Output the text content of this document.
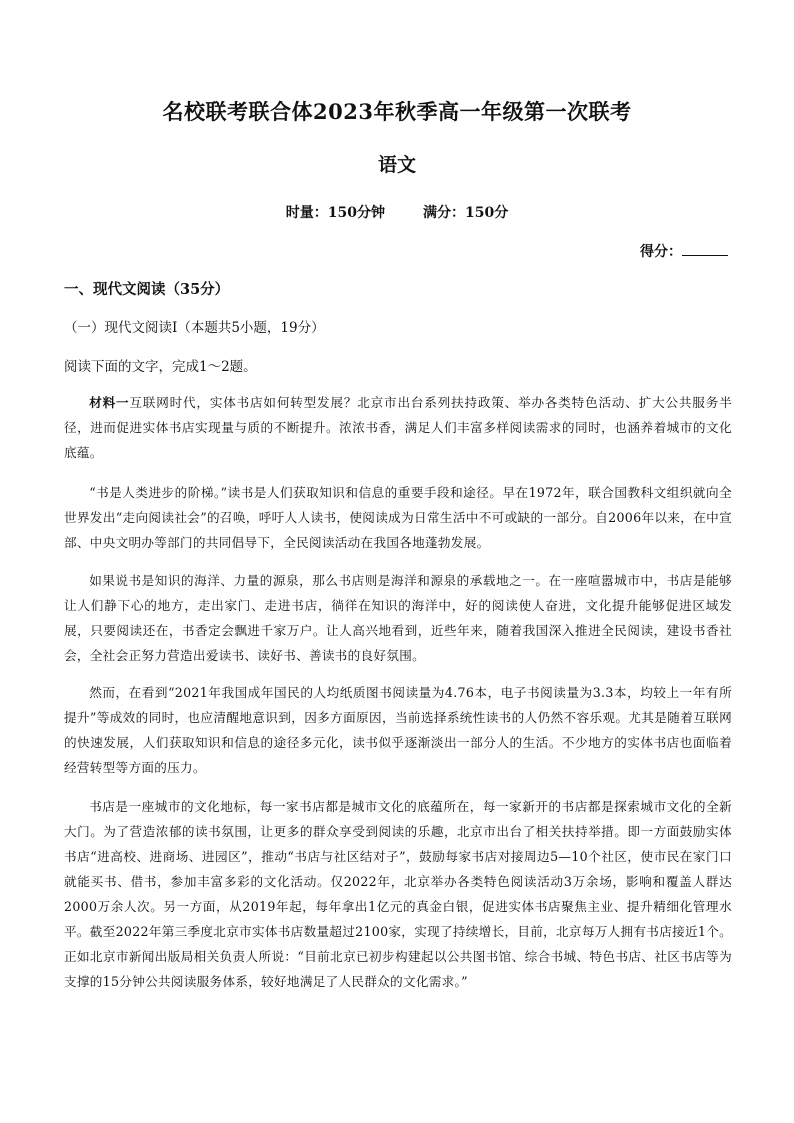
名校联考联合体2023年秋季高一年级第一次联考
语文
时量：150分钟	满分：150分
得分：
一、现代文阅读（35分）
（一）现代文阅读Ⅰ（本题共5小题，19分）
阅读下面的文字，完成1～2题。

材料一互联网时代，实体书店如何转型发展？北京市出台系列扶持政策、举办各类特色活动、扩大公共服务半径，进而促进实体书店实现量与质的不断提升。浓浓书香，满足人们丰富多样阅读需求的同时，也涵养着城市的文化底蕴。

“书是人类进步的阶梯。”读书是人们获取知识和信息的重要手段和途径。早在1972年，联合国教科文组织就向全世界发出“走向阅读社会”的召唤，呼吁人人读书，使阅读成为日常生活中不可或缺的一部分。自2006年以来，在中宣部、中央文明办等部门的共同倡导下，全民阅读活动在我国各地蓬勃发展。

如果说书是知识的海洋、力量的源泉，那么书店则是海洋和源泉的承载地之一。在一座喧嚣城市中，书店是能够让人们静下心的地方，走出家门、走进书店，徜徉在知识的海洋中，好的阅读使人奋进，文化提升能够促进区域发展，只要阅读还在，书香定会飘进千家万户。让人高兴地看到，近些年来，随着我国深入推进全民阅读，建设书香社会，全社会正努力营造出爱读书、读好书、善读书的良好氛围。

然而，在看到“2021年我国成年国民的人均纸质图书阅读量为4.76本，电子书阅读量为3.3本，均较上一年有所提升”等成效的同时，也应清醒地意识到，因多方面原因，当前选择系统性读书的人仍然不容乐观。尤其是随着互联网的快速发展，人们获取知识和信息的途径多元化，读书似乎逐渐淡出一部分人的生活。不少地方的实体书店也面临着经营转型等方面的压力。

书店是一座城市的文化地标，每一家书店都是城市文化的底蕴所在，每一家新开的书店都是探索城市文化的全新大门。为了营造浓郁的读书氛围，让更多的群众享受到阅读的乐趣，北京市出台了相关扶持举措。即一方面鼓励实体书店“进高校、进商场、进园区”，推动“书店与社区结对子”，鼓励每家书店对接周边5—10个社区，使市民在家门口就能买书、借书，参加丰富多彩的文化活动。仅2022年，北京举办各类特色阅读活动3万余场，影响和覆盖人群达2000万余人次。另一方面，从2019年起，每年拿出1亿元的真金白银，促进实体书店聚焦主业、提升精细化管理水平。截至2022年第三季度北京市实体书店数量超过2100家，实现了持续增长，目前，北京每万人拥有书店接近1个。正如北京市新闻出版局相关负责人所说：“目前北京已初步构建起以公共图书馆、综合书城、特色书店、社区书店等为支撑的15分钟公共阅读服务体系，较好地满足了人民群众的文化需求。”
